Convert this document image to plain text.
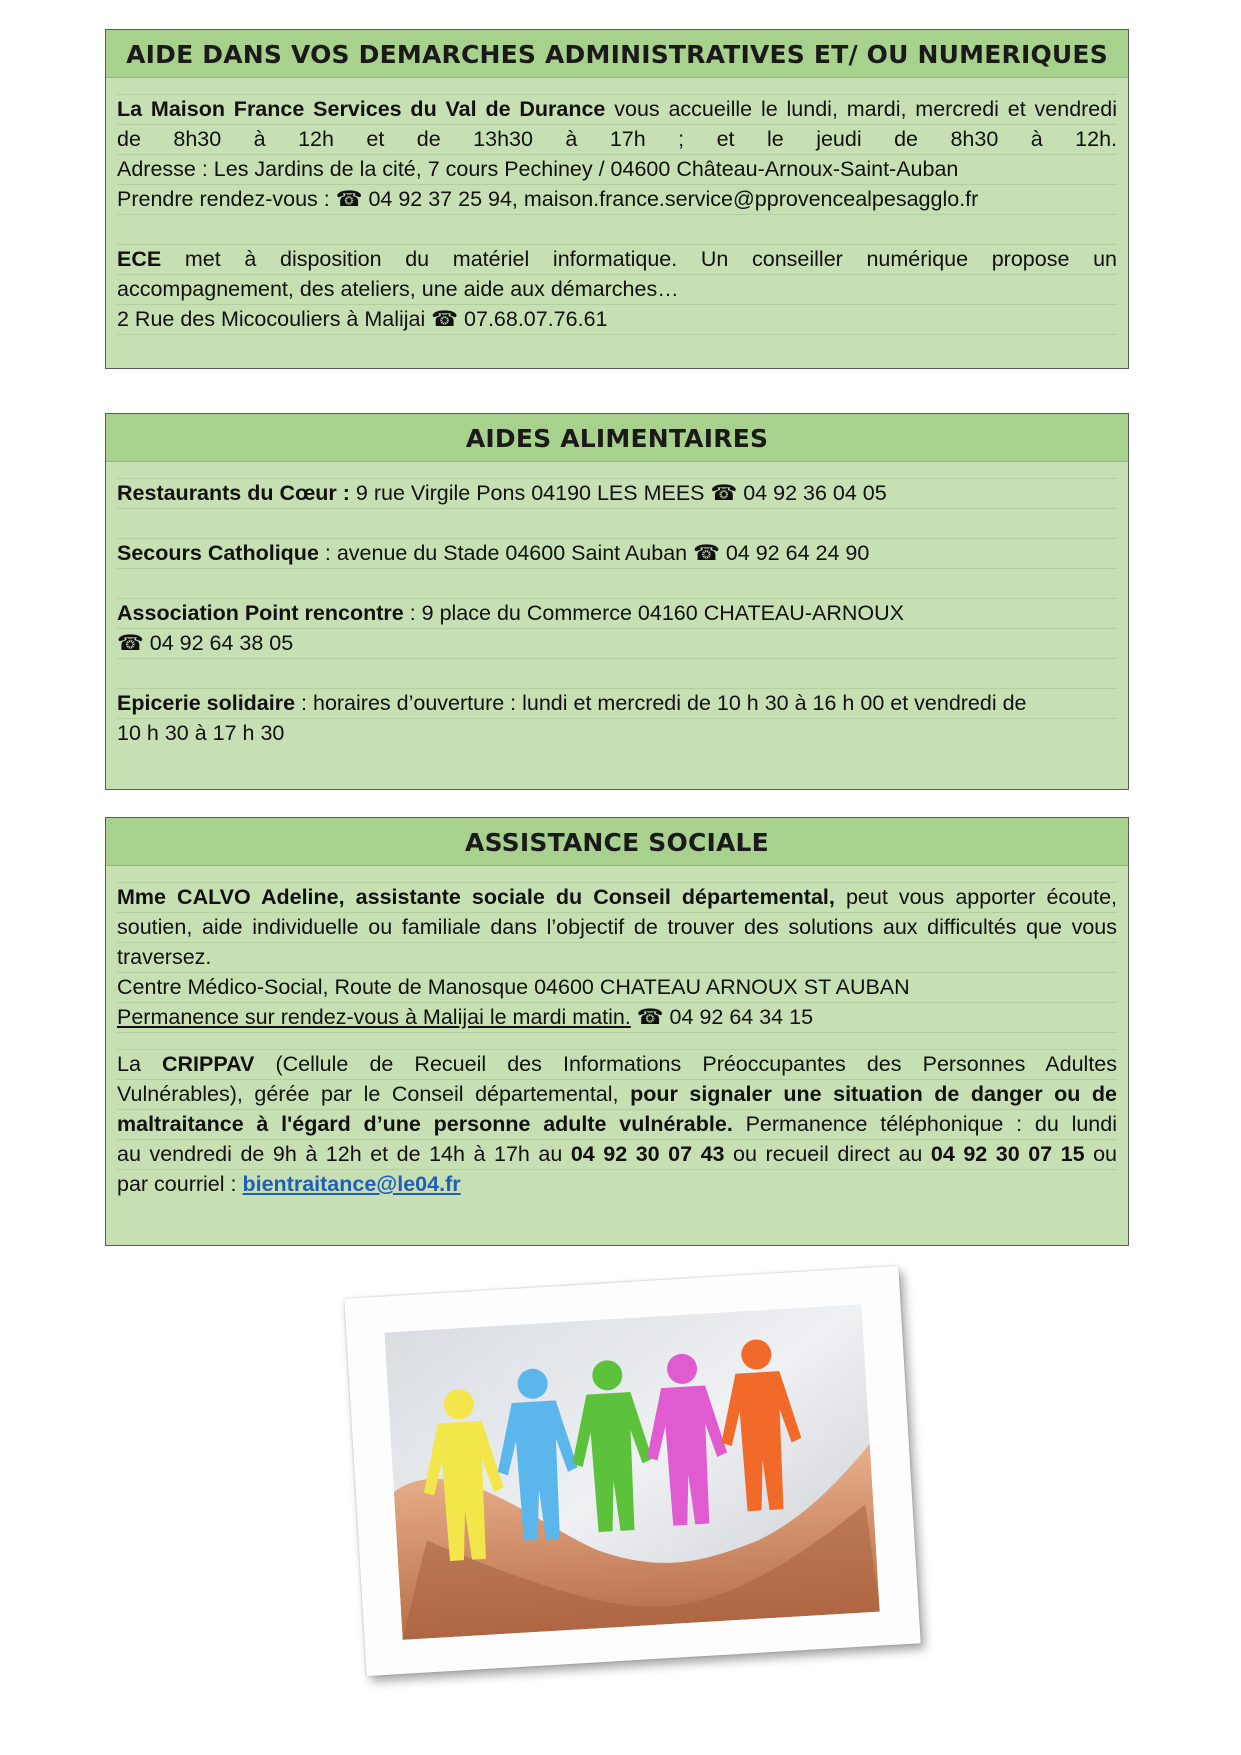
AIDE DANS VOS DEMARCHES ADMINISTRATIVES ET/ OU NUMERIQUES
La Maison France Services du Val de Durance vous accueille le lundi, mardi, mercredi et vendredi
de 8h30 à 12h et de 13h30 à 17h ; et le jeudi de 8h30 à 12h.
Adresse : Les Jardins de la cité, 7 cours Pechiney / 04600 Château-Arnoux-Saint-Auban
Prendre rendez-vous : ☎ 04 92 37 25 94, maison.france.service@pprovencealpesagglo.fr
ECE met à disposition du matériel informatique. Un conseiller numérique propose un
accompagnement, des ateliers, une aide aux démarches…
2 Rue des Micocouliers à Malijai ☎ 07.68.07.76.61
AIDES ALIMENTAIRES
Restaurants du Cœur : 9 rue Virgile Pons 04190 LES MEES ☎ 04 92 36 04 05
Secours Catholique : avenue du Stade 04600 Saint Auban ☎ 04 92 64 24 90
Association Point rencontre : 9 place du Commerce 04160 CHATEAU-ARNOUX
☎ 04 92 64 38 05
Epicerie solidaire : horaires d’ouverture : lundi et mercredi de 10 h 30 à 16 h 00 et vendredi de
10 h 30 à 17 h 30
ASSISTANCE SOCIALE
Mme CALVO Adeline, assistante sociale du Conseil départemental, peut vous apporter écoute,
soutien, aide individuelle ou familiale dans l’objectif de trouver des solutions aux difficultés que vous
traversez.
Centre Médico-Social, Route de Manosque 04600 CHATEAU ARNOUX ST AUBAN
Permanence sur rendez-vous à Malijai le mardi matin. ☎ 04 92 64 34 15
La CRIPPAV (Cellule de Recueil des Informations Préoccupantes des Personnes Adultes
Vulnérables), gérée par le Conseil départemental, pour signaler une situation de danger ou de
maltraitance à l'égard d’une personne adulte vulnérable. Permanence téléphonique : du lundi
au vendredi de 9h à 12h et de 14h à 17h au 04 92 30 07 43 ou recueil direct au 04 92 30 07 15 ou
par courriel : bientraitance@le04.fr
